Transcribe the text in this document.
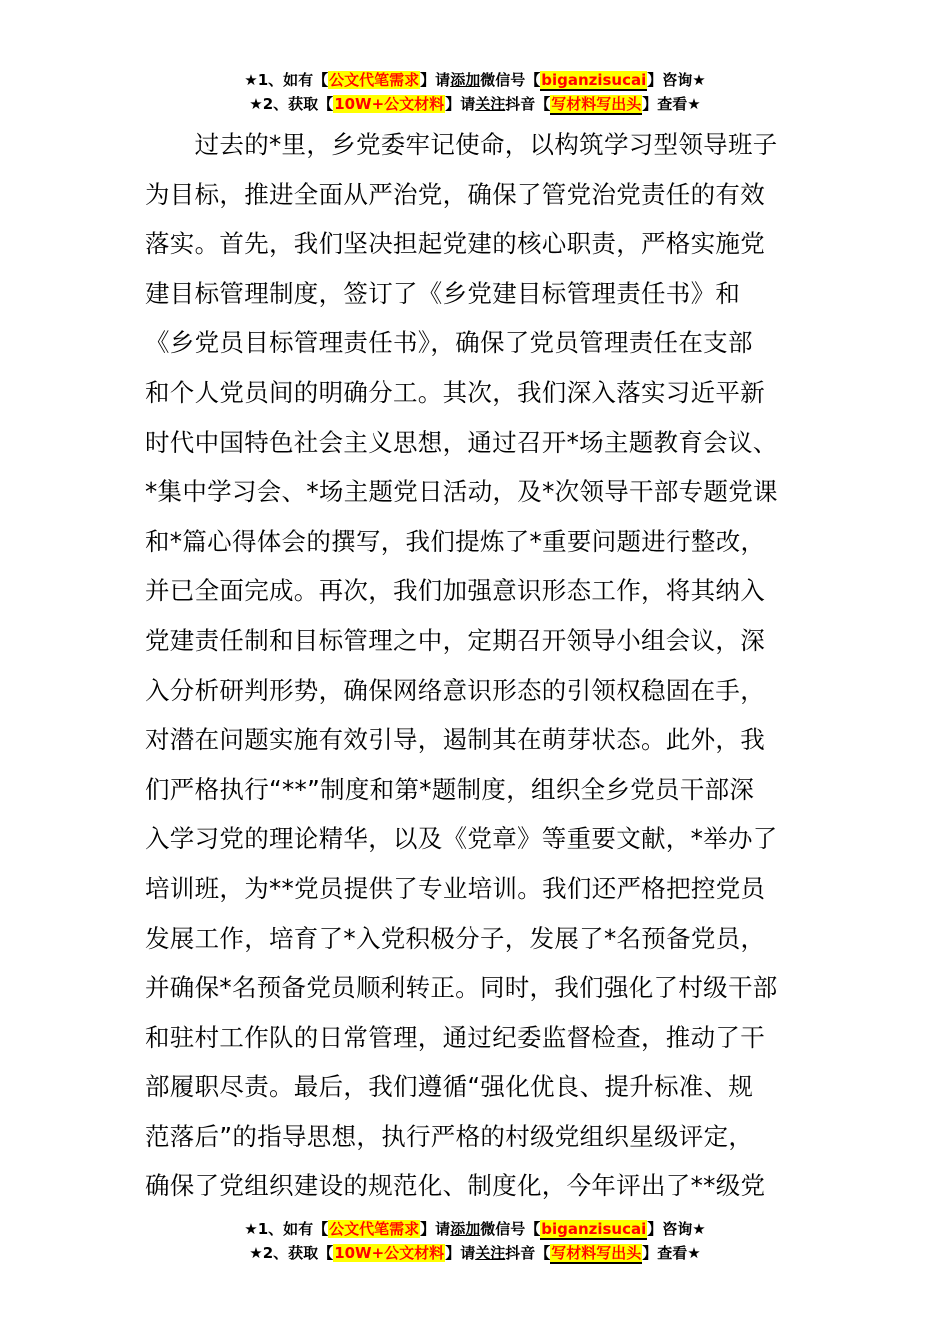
★1、如有【公文代笔需求】请添加微信号【biganzisucai】咨询★
★2、获取【10W+公文材料】请关注抖音【写材料写出头】查看★
　　过去的*里，乡党委牢记使命，以构筑学习型领导班子
为目标，推进全面从严治党，确保了管党治党责任的有效
落实。首先，我们坚决担起党建的核心职责，严格实施党
建目标管理制度，签订了《乡党建目标管理责任书》和
《乡党员目标管理责任书》，确保了党员管理责任在支部
和个人党员间的明确分工。其次，我们深入落实习近平新
时代中国特色社会主义思想，通过召开*场主题教育会议、
*集中学习会、*场主题党日活动，及*次领导干部专题党课
和*篇心得体会的撰写，我们提炼了*重要问题进行整改，
并已全面完成。再次，我们加强意识形态工作，将其纳入
党建责任制和目标管理之中，定期召开领导小组会议，深
入分析研判形势，确保网络意识形态的引领权稳固在手，
对潜在问题实施有效引导，遏制其在萌芽状态。此外，我
们严格执行“**”制度和第*题制度，组织全乡党员干部深
入学习党的理论精华，以及《党章》等重要文献，*举办了
培训班，为**党员提供了专业培训。我们还严格把控党员
发展工作，培育了*入党积极分子，发展了*名预备党员，
并确保*名预备党员顺利转正。同时，我们强化了村级干部
和驻村工作队的日常管理，通过纪委监督检查，推动了干
部履职尽责。最后，我们遵循“强化优良、提升标准、规
范落后”的指导思想，执行严格的村级党组织星级评定，
确保了党组织建设的规范化、制度化，今年评出了**级党
★1、如有【公文代笔需求】请添加微信号【biganzisucai】咨询★
★2、获取【10W+公文材料】请关注抖音【写材料写出头】查看★
